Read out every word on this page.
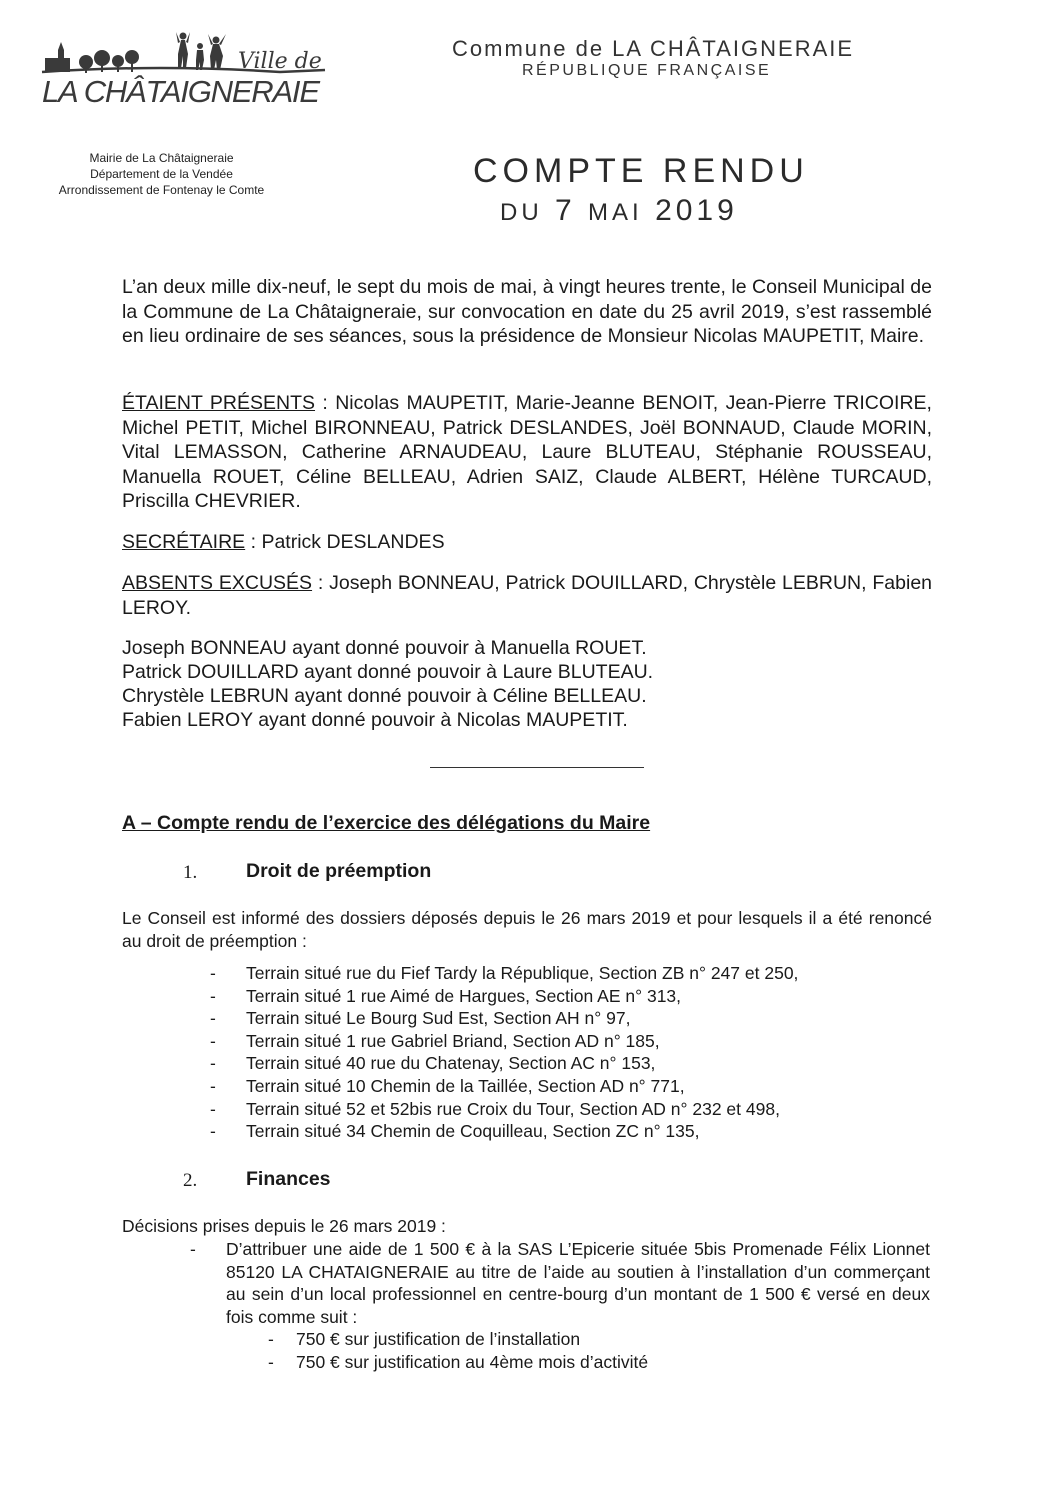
Ville de
LA CHÂTAIGNERAIE
Commune de LA CHÂTAIGNERAIE
RÉPUBLIQUE FRANÇAISE
Mairie de La Châtaigneraie
Département de la Vendée
Arrondissement de Fontenay le Comte	COMPTE RENDU
DU 7 MAI 2019
L’an deux mille dix-neuf, le sept du mois de mai, à vingt heures trente, le Conseil Municipal de la Commune de La Châtaigneraie, sur convocation en date du 25 avril 2019, s’est rassemblé en lieu ordinaire de ses séances, sous la présidence de Monsieur Nicolas MAUPETIT, Maire.
ÉTAIENT PRÉSENTS : Nicolas MAUPETIT, Marie-Jeanne BENOIT, Jean-Pierre TRICOIRE, Michel PETIT, Michel BIRONNEAU, Patrick DESLANDES, Joël BONNAUD, Claude MORIN, Vital LEMASSON, Catherine ARNAUDEAU, Laure BLUTEAU, Stéphanie ROUSSEAU, Manuella ROUET, Céline BELLEAU, Adrien SAIZ, Claude ALBERT, Hélène TURCAUD, Priscilla CHEVRIER.
SECRÉTAIRE : Patrick DESLANDES
ABSENTS EXCUSÉS : Joseph BONNEAU, Patrick DOUILLARD, Chrystèle LEBRUN, Fabien LEROY.
Joseph BONNEAU ayant donné pouvoir à Manuella ROUET.
Patrick DOUILLARD ayant donné pouvoir à Laure BLUTEAU.
Chrystèle LEBRUN ayant donné pouvoir à Céline BELLEAU.
Fabien LEROY ayant donné pouvoir à Nicolas MAUPETIT.
A – Compte rendu de l’exercice des délégations du Maire
1.	Droit de préemption
Le Conseil est informé des dossiers déposés depuis le 26 mars 2019 et pour lesquels il a été renoncé au droit de préemption :
- Terrain situé rue du Fief Tardy la République, Section ZB n° 247 et 250,
- Terrain situé 1 rue Aimé de Hargues, Section AE n° 313,
- Terrain situé Le Bourg Sud Est, Section AH n° 97,
- Terrain situé 1 rue Gabriel Briand, Section AD n° 185,
- Terrain situé 40 rue du Chatenay, Section AC n° 153,
- Terrain situé 10 Chemin de la Taillée, Section AD n° 771,
- Terrain situé 52 et 52bis rue Croix du Tour, Section AD n° 232 et 498,
- Terrain situé 34 Chemin de Coquilleau, Section ZC n° 135,
2.	Finances
Décisions prises depuis le 26 mars 2019 :
- D’attribuer une aide de 1 500 € à la SAS L’Epicerie située 5bis Promenade Félix Lionnet 85120 LA CHATAIGNERAIE au titre de l’aide au soutien à l’installation d’un commerçant au sein d’un local professionnel en centre-bourg d’un montant de 1 500 € versé en deux fois comme suit :
- 750 € sur justification de l’installation
- 750 € sur justification au 4ème mois d’activité
